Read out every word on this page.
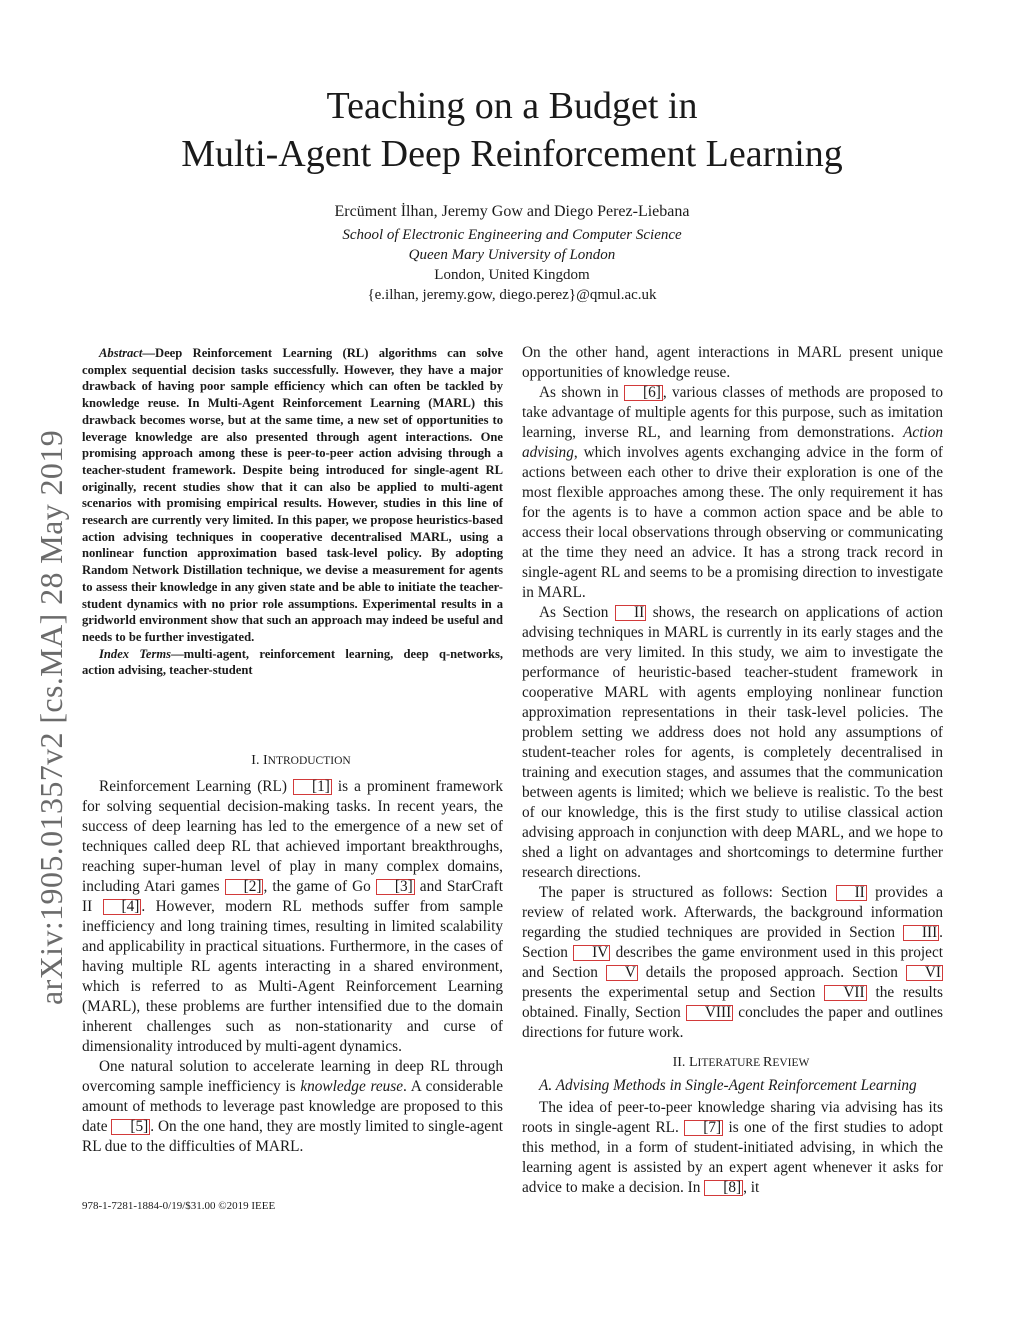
Teaching on a Budget in
Multi-Agent Deep Reinforcement Learning
Ercüment İlhan, Jeremy Gow and Diego Perez-Liebana
School of Electronic Engineering and Computer Science
Queen Mary University of London
London, United Kingdom
{e.ilhan, jeremy.gow, diego.perez}@qmul.ac.uk
arXiv:1905.01357v2 [cs.MA] 28 May 2019

Abstract—Deep Reinforcement Learning (RL) algorithms can solve complex sequential decision tasks successfully. However, they have a major drawback of having poor sample efficiency which can often be tackled by knowledge reuse. In Multi-Agent Reinforcement Learning (MARL) this drawback becomes worse, but at the same time, a new set of opportunities to leverage knowledge are also presented through agent interactions. One promising approach among these is peer-to-peer action advising through a teacher-student framework. Despite being introduced for single-agent RL originally, recent studies show that it can also be applied to multi-agent scenarios with promising empirical results. However, studies in this line of research are currently very limited. In this paper, we propose heuristics-based action advising techniques in cooperative decentralised MARL, using a nonlinear function approximation based task-level policy. By adopting Random Network Distillation technique, we devise a measurement for agents to assess their knowledge in any given state and be able to initiate the teacher-student dynamics with no prior role assumptions. Experimental results in a gridworld environment show that such an approach may indeed be useful and needs to be further investigated.

Index Terms—multi-agent, reinforcement learning, deep q-networks, action advising, teacher-student

I. INTRODUCTION

Reinforcement Learning (RL) [1] is a prominent framework for solving sequential decision-making tasks. In recent years, the success of deep learning has led to the emergence of a new set of techniques called deep RL that achieved important breakthroughs, reaching super-human level of play in many complex domains, including Atari games [2] , the game of Go [3] and StarCraft II [4] . However, modern RL methods suffer from sample inefficiency and long training times, resulting in limited scalability and applicability in practical situations. Furthermore, in the cases of having multiple RL agents interacting in a shared environment, which is referred to as Multi-Agent Reinforcement Learning (MARL), these problems are further intensified due to the domain inherent challenges such as non-stationarity and curse of dimensionality introduced by multi-agent dynamics.

One natural solution to accelerate learning in deep RL through overcoming sample inefficiency is knowledge reuse. A considerable amount of methods to leverage past knowledge are proposed to this date [5] . On the one hand, they are mostly limited to single-agent RL due to the difficulties of MARL.

978-1-7281-1884-0/19/$31.00 ©2019 IEEE

On the other hand, agent interactions in MARL present unique opportunities of knowledge reuse.

As shown in [6] , various classes of methods are proposed to take advantage of multiple agents for this purpose, such as imitation learning, inverse RL, and learning from demonstrations. Action advising, which involves agents exchanging advice in the form of actions between each other to drive their exploration is one of the most flexible approaches among these. The only requirement it has for the agents is to have a common action space and be able to access their local observations through observing or communicating at the time they need an advice. It has a strong track record in single-agent RL and seems to be a promising direction to investigate in MARL.

As Section II shows, the research on applications of action advising techniques in MARL is currently in its early stages and the methods are very limited. In this study, we aim to investigate the performance of heuristic-based teacher-student framework in cooperative MARL with agents employing nonlinear function approximation representations in their task-level policies. The problem setting we address does not hold any assumptions of student-teacher roles for agents, is completely decentralised in training and execution stages, and assumes that the communication between agents is limited; which we believe is realistic. To the best of our knowledge, this is the first study to utilise classical action advising approach in conjunction with deep MARL, and we hope to shed a light on advantages and shortcomings to determine further research directions.

The paper is structured as follows: Section II provides a review of related work. Afterwards, the background information regarding the studied techniques are provided in Section III . Section IV describes the game environment used in this project and Section V details the proposed approach. Section VI presents the experimental setup and Section VII the results obtained. Finally, Section VIII concludes the paper and outlines directions for future work.

II. LITERATURE REVIEW

A. Advising Methods in Single-Agent Reinforcement Learning

The idea of peer-to-peer knowledge sharing via advising has its roots in single-agent RL. [7] is one of the first studies to adopt this method, in a form of student-initiated advising, in which the learning agent is assisted by an expert agent whenever it asks for advice to make a decision. In [8] , it
